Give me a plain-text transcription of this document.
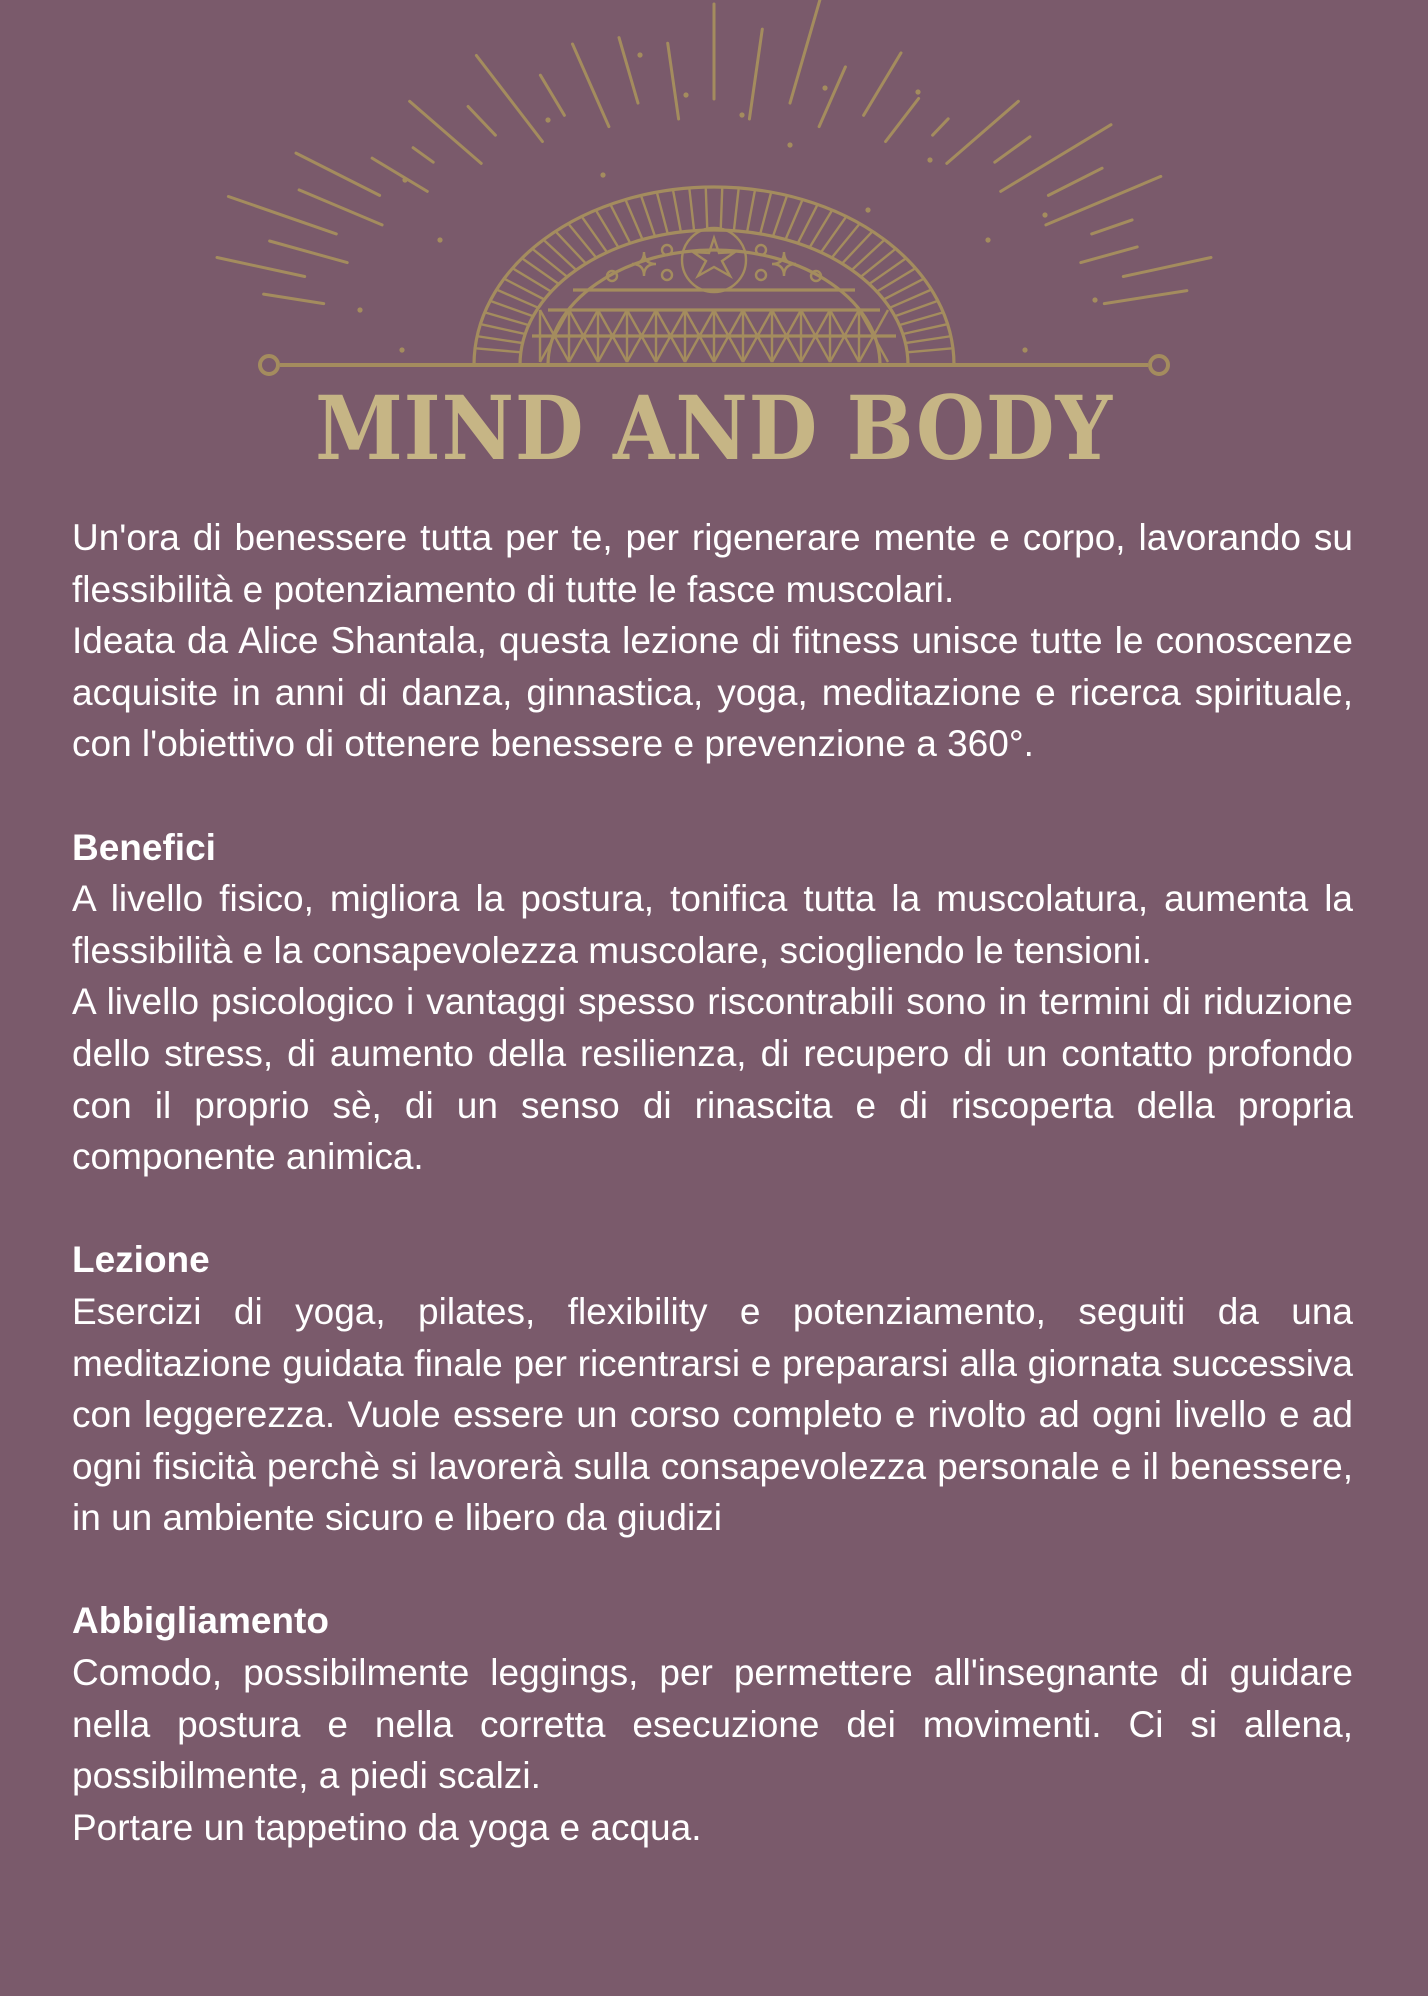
MIND AND BODY

Un'ora di benessere tutta per te, per rigenerare mente e corpo, lavorando su flessibilità e potenziamento di tutte le fasce muscolari.

Ideata da Alice Shantala, questa lezione di fitness unisce tutte le conoscenze acquisite in anni di danza, ginnastica, yoga, meditazione e ricerca spirituale, con l'obiettivo di ottenere benessere e prevenzione a 360°.

Benefici

A livello fisico, migliora la postura, tonifica tutta la muscolatura, aumenta la flessibilità e la consapevolezza muscolare, sciogliendo le tensioni.

A livello psicologico i vantaggi spesso riscontrabili sono in termini di riduzione dello stress, di aumento della resilienza, di recupero di un contatto profondo con il proprio sè, di un senso di rinascita e di riscoperta della propria componente animica.

Lezione

Esercizi di yoga, pilates, flexibility e potenziamento, seguiti da una meditazione guidata finale per ricentrarsi e prepararsi alla giornata successiva con leggerezza. Vuole essere un corso completo e rivolto ad ogni livello e ad ogni fisicità perchè si lavorerà sulla consapevolezza personale e il benessere, in un ambiente sicuro e libero da giudizi

Abbigliamento

Comodo, possibilmente leggings, per permettere all'insegnante di guidare nella postura e nella corretta esecuzione dei movimenti. Ci si allena, possibilmente, a piedi scalzi.

Portare un tappetino da yoga e acqua.
